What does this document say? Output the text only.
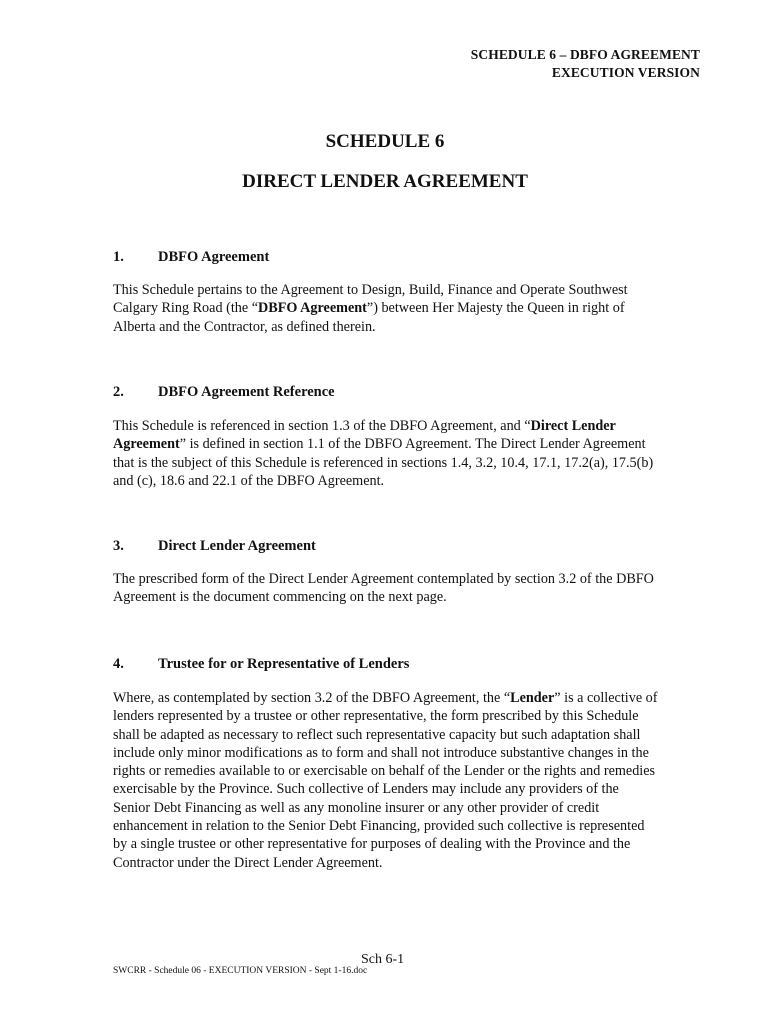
SCHEDULE 6 – DBFO AGREEMENT
EXECUTION VERSION
SCHEDULE 6
DIRECT LENDER AGREEMENT
1. DBFO Agreement

This Schedule pertains to the Agreement to Design, Build, Finance and Operate Southwest Calgary Ring Road (the “DBFO Agreement”) between Her Majesty the Queen in right of Alberta and the Contractor, as defined therein.

2. DBFO Agreement Reference

This Schedule is referenced in section 1.3 of the DBFO Agreement, and “Direct Lender Agreement” is defined in section 1.1 of the DBFO Agreement. The Direct Lender Agreement that is the subject of this Schedule is referenced in sections 1.4, 3.2, 10.4, 17.1, 17.2(a), 17.5(b) and (c), 18.6 and 22.1 of the DBFO Agreement.

3. Direct Lender Agreement

The prescribed form of the Direct Lender Agreement contemplated by section 3.2 of the DBFO Agreement is the document commencing on the next page.

4. Trustee for or Representative of Lenders

Where, as contemplated by section 3.2 of the DBFO Agreement, the “Lender” is a collective of lenders represented by a trustee or other representative, the form prescribed by this Schedule shall be adapted as necessary to reflect such representative capacity but such adaptation shall include only minor modifications as to form and shall not introduce substantive changes in the rights or remedies available to or exercisable on behalf of the Lender or the rights and remedies exercisable by the Province. Such collective of Lenders may include any providers of the Senior Debt Financing as well as any monoline insurer or any other provider of credit enhancement in relation to the Senior Debt Financing, provided such collective is represented by a single trustee or other representative for purposes of dealing with the Province and the Contractor under the Direct Lender Agreement.

Sch 6-1
SWCRR - Schedule 06 - EXECUTION VERSION - Sept 1-16.doc
